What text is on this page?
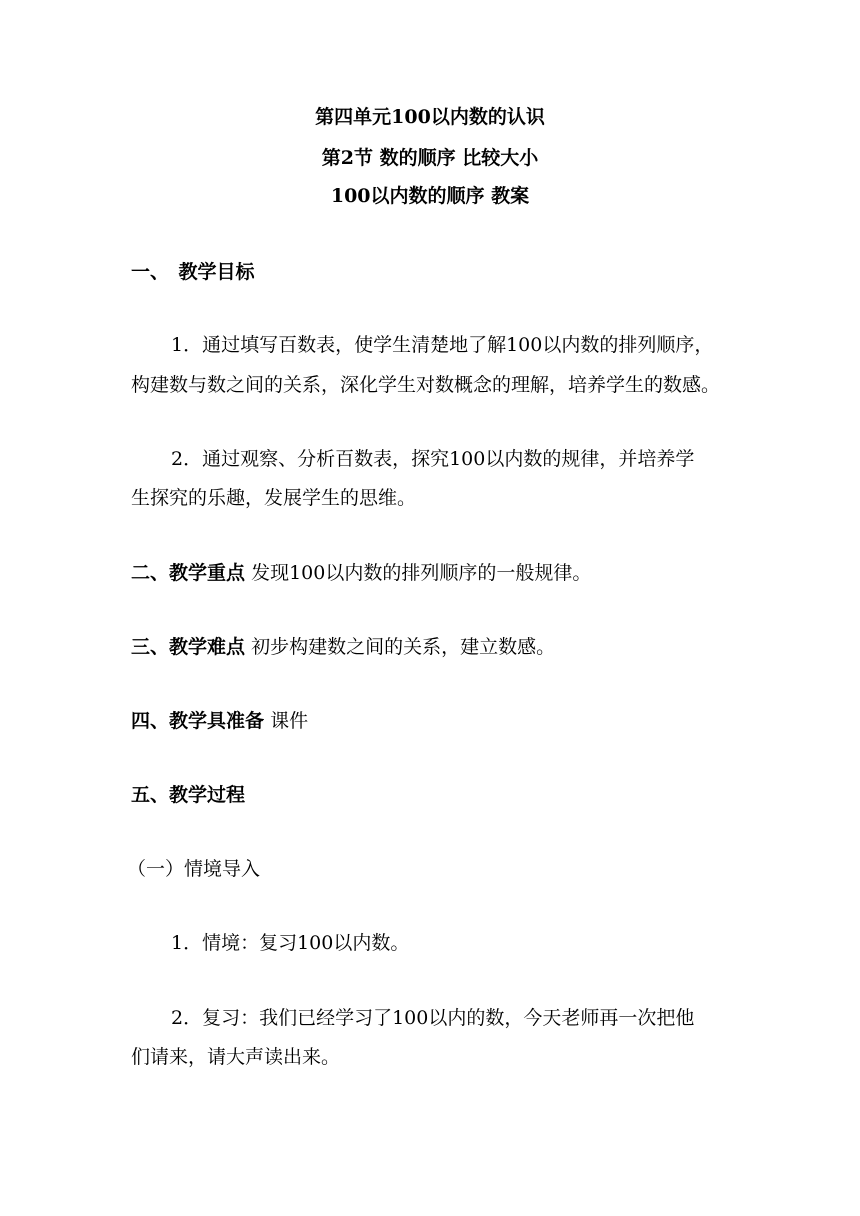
第四单元100以内数的认识
第2节 数的顺序 比较大小
100以内数的顺序 教案
一、　教学目标
1．通过填写百数表，使学生清楚地了解100以内数的排列顺序，
构建数与数之间的关系，深化学生对数概念的理解，培养学生的数感。
2．通过观察、分析百数表，探究100以内数的规律，并培养学
生探究的乐趣，发展学生的思维。
二、教学重点 发现100以内数的排列顺序的一般规律。
三、教学难点 初步构建数之间的关系，建立数感。
四、教学具准备 课件
五、教学过程
（一）情境导入
1．情境：复习100以内数。
2．复习：我们已经学习了100以内的数，今天老师再一次把他
们请来，请大声读出来。
